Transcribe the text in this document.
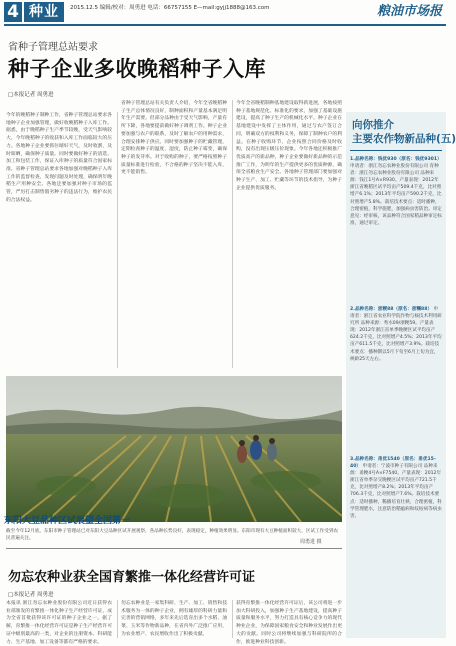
4 种业	2015.12.5 编辑/校对：周勇进 电话：66757155 E—mail:gyjj1888@163.com	粮油市场报
省种子管理总站要求
种子企业多收晚稻种子入库
□本报记者 周勇进
今年的晚稻种子制种工作，省种子管理总站要求各地种子企业加强管理，做好收晚稻种子入库工作。据悉，由于晚稻种子生产季节较晚，受天气影响较大，今年晚稻种子的收获和入库工作面临较大的压力。各地种子企业要抓住晴好天气，及时收割，及时晾晒，确保种子质量。同时要做好种子的清选、加工和包装工作，保证入库种子的质量符合国家标准。省种子管理总站要求各地加强对晚稻种子入库工作的监督检查，发现问题及时处理，确保明年晚稻生产用种安全。各地还要加强对种子市场的监管，严厉打击制售假劣种子的违法行为，维护农民的合法权益。
省种子管理总站有关负责人介绍，今年全省晚稻种子生产总体情况良好，制种面积和产量基本满足明年生产需要。但部分品种由于受天气影响，产量有所下降，各地要提前做好种子调剂工作。种子企业要加强与农户的联系，及时了解农户的用种需求，合理安排种子供应。同时要加强种子的贮藏管理，定期检查种子的温度、湿度，防止种子霉变，确保种子的发芽率。对于收购的种子，要严格按照种子质量标准进行检验，不合格的种子坚决不能入库，更不能销售。
今年全省晚稻制种基地建设取得新进展，各地按照种子基地规范化、标准化的要求，加强了基础设施建设，提高了种子生产的机械化水平。种子企业在基地建设中发挥了主体作用，通过与农户签订合同，明确双方的权利和义务，保障了制种农户的利益。在种子收购环节，企业按照合同价格及时收购，没有出现压级压价现象。今年各地还积极推广优质高产的新品种，种子企业要做好新品种的示范推广工作，为明年的生产提供更多的优质种源，确保全省粮食生产安全。各地种子管理部门要加强对种子生产、加工、贮藏等环节的技术指导，为种子企业提供优质服务。
东阳大豆品种区试展望全国第一
截至今年12月底，东阳市种子管理站已对东阳大豆品种区试开展观察，各品种长势良好，表现稳定，种植效果明显。东阳市现有大豆种植面积较大，区试工作受到农民普遍关注。
周勇进 摄
勿忘农种业获全国育繁推一体化经营许可证
□本报记者 周勇进
本报讯 浙江勿忘农种业股份有限公司近日获得农业部颁发的育繁推一体化种子生产经营许可证，成为全省首批获得该许可证的种子企业之一。据了解，育繁推一体化经营许可证是种子生产经营许可证中级别最高的一类，对企业的注册资本、科研能力、生产基地、加工设备等都有严格的要求。
勿忘农种业是一家集科研、生产、加工、销售和技术服务为一体的种子企业，拥有雄厚的科研力量和完善的营销网络，多年来先后选育出多个水稻、油菜、玉米等作物新品种，在省内外广泛推广应用，为农业增产、农民增收作出了积极贡献。
获得育繁推一体化经营许可证后，该公司将进一步加大科研投入，加强种子生产基地建设，提高种子质量和服务水平，努力打造具有核心竞争力的现代种业企业，为保障国家粮食安全和种业发展作出更大的贡献。同时公司将继续加强与科研院所的合作，推进种业科技创新。
向你推介
主要农作物新品种(五)
1.品种名称：钱优930（原名：钱优9301） 申请者：浙江勿忘农种业股份有限公司 育种者：浙江勿忘农种业股份有限公司 品种来源：钱江1号A×R930。产量表现：2012年浙江省晚稻区试平均亩产509.4千克，比对照增产6.1%；2013年平均亩产590.2千克，比对照增产5.8%。栽培技术要点：适时播种，合理密植，科学施肥，加强病虫害防治。审定意见：经审核，该品种符合国家稻品种审定标准，通过审定。
2.品种名称：浙粳88（原名：浙糯88） 申请者：浙江省农业科学院作物与核技术利用研究所 品种来源：秀水09/浙粳59。产量表现：2012年浙江省单季晚粳区试平均亩产624.2千克，比对照增产4.5%；2013年平均亩产611.5千克，比对照增产3.9%。栽培技术要点：播种期以5月下旬至6月上旬为宜，秧龄25天左右。
3.品种名称：甬优1540（原名：甬优15-40） 申请者：宁波市种子有限公司 品种来源：甬粳4号A×F7540。产量表现：2012年浙江省单季杂交晚粳区试平均亩产721.5千克，比对照增产8.2%；2013年平均亩产706.3千克，比对照增产7.6%。栽培技术要点：适时播种，稀播培育壮秧，合理密植，科学管理肥水，注意防治稻瘟病和纹枯病等病虫害。
